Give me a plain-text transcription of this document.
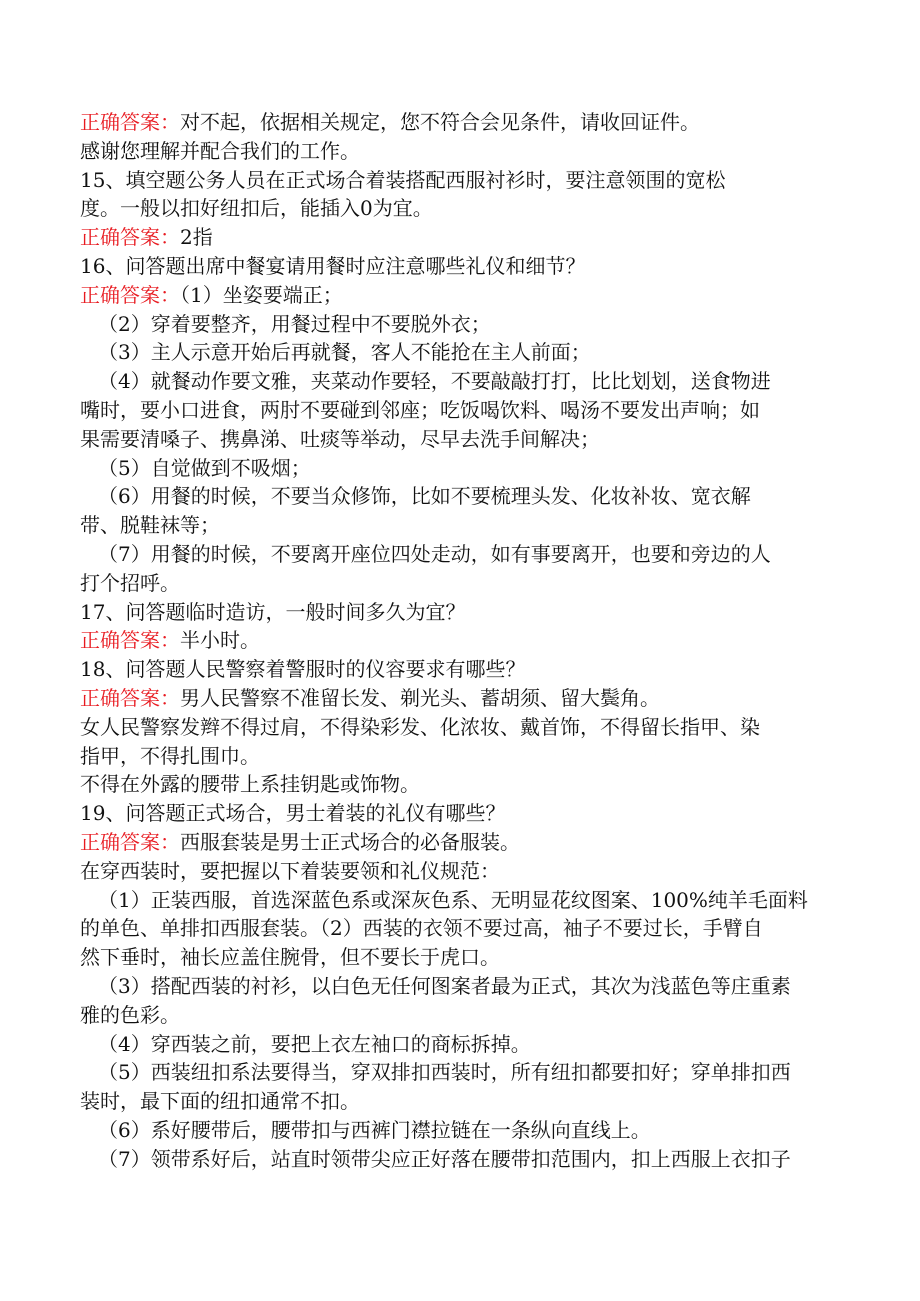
正确答案：对不起，依据相关规定，您不符合会见条件，请收回证件。
感谢您理解并配合我们的工作。
15、填空题公务人员在正式场合着装搭配西服衬衫时，要注意领围的宽松
度。一般以扣好纽扣后，能插入0为宜。
正确答案：2指
16、问答题出席中餐宴请用餐时应注意哪些礼仪和细节？
正确答案：（1）坐姿要端正；
（2）穿着要整齐，用餐过程中不要脱外衣；
（3）主人示意开始后再就餐，客人不能抢在主人前面；
（4）就餐动作要文雅，夹菜动作要轻，不要敲敲打打，比比划划，送食物进
嘴时，要小口进食，两肘不要碰到邻座；吃饭喝饮料、喝汤不要发出声响；如
果需要清嗓子、携鼻涕、吐痰等举动，尽早去洗手间解决；
（5）自觉做到不吸烟；
（6）用餐的时候，不要当众修饰，比如不要梳理头发、化妆补妆、宽衣解
带、脱鞋袜等；
（7）用餐的时候，不要离开座位四处走动，如有事要离开，也要和旁边的人
打个招呼。
17、问答题临时造访，一般时间多久为宜？
正确答案：半小时。
18、问答题人民警察着警服时的仪容要求有哪些？
正确答案：男人民警察不准留长发、剃光头、蓄胡须、留大鬓角。
女人民警察发辫不得过肩，不得染彩发、化浓妆、戴首饰，不得留长指甲、染
指甲，不得扎围巾。
不得在外露的腰带上系挂钥匙或饰物。
19、问答题正式场合，男士着装的礼仪有哪些？
正确答案：西服套装是男士正式场合的必备服装。
在穿西装时，要把握以下着装要领和礼仪规范：
（1）正装西服，首选深蓝色系或深灰色系、无明显花纹图案、100%纯羊毛面料
的单色、单排扣西服套装。（2）西装的衣领不要过高，袖子不要过长，手臂自
然下垂时，袖长应盖住腕骨，但不要长于虎口。
（3）搭配西装的衬衫，以白色无任何图案者最为正式，其次为浅蓝色等庄重素
雅的色彩。
（4）穿西装之前，要把上衣左袖口的商标拆掉。
（5）西装纽扣系法要得当，穿双排扣西装时，所有纽扣都要扣好；穿单排扣西
装时，最下面的纽扣通常不扣。
（6）系好腰带后，腰带扣与西裤门襟拉链在一条纵向直线上。
（7）领带系好后，站直时领带尖应正好落在腰带扣范围内，扣上西服上衣扣子
